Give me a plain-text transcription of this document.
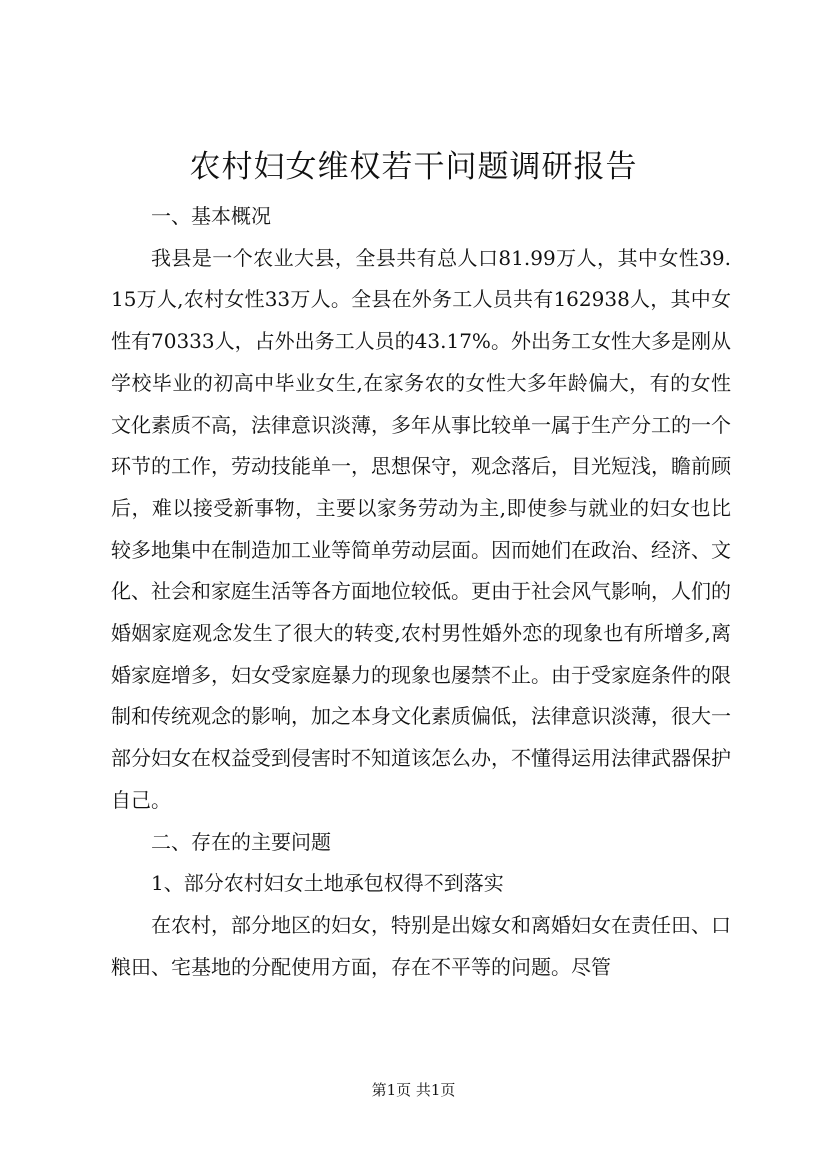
农村妇女维权若干问题调研报告

一、基本概况

我县是一个农业大县，全县共有总人口81.99万人，其中女性39.15万人,农村女性33万人。全县在外务工人员共有162938人，其中女性有70333人，占外出务工人员的43.17%。外出务工女性大多是刚从学校毕业的初高中毕业女生,在家务农的女性大多年龄偏大，有的女性文化素质不高，法律意识淡薄，多年从事比较单一属于生产分工的一个环节的工作，劳动技能单一，思想保守，观念落后，目光短浅，瞻前顾后，难以接受新事物，主要以家务劳动为主,即使参与就业的妇女也比较多地集中在制造加工业等简单劳动层面。因而她们在政治、经济、文化、社会和家庭生活等各方面地位较低。更由于社会风气影响，人们的婚姻家庭观念发生了很大的转变,农村男性婚外恋的现象也有所增多,离婚家庭增多，妇女受家庭暴力的现象也屡禁不止。由于受家庭条件的限制和传统观念的影响，加之本身文化素质偏低，法律意识淡薄，很大一部分妇女在权益受到侵害时不知道该怎么办，不懂得运用法律武器保护自己。

二、存在的主要问题

1、部分农村妇女土地承包权得不到落实

在农村，部分地区的妇女，特别是出嫁女和离婚妇女在责任田、口粮田、宅基地的分配使用方面，存在不平等的问题。尽管

第1页 共1页
